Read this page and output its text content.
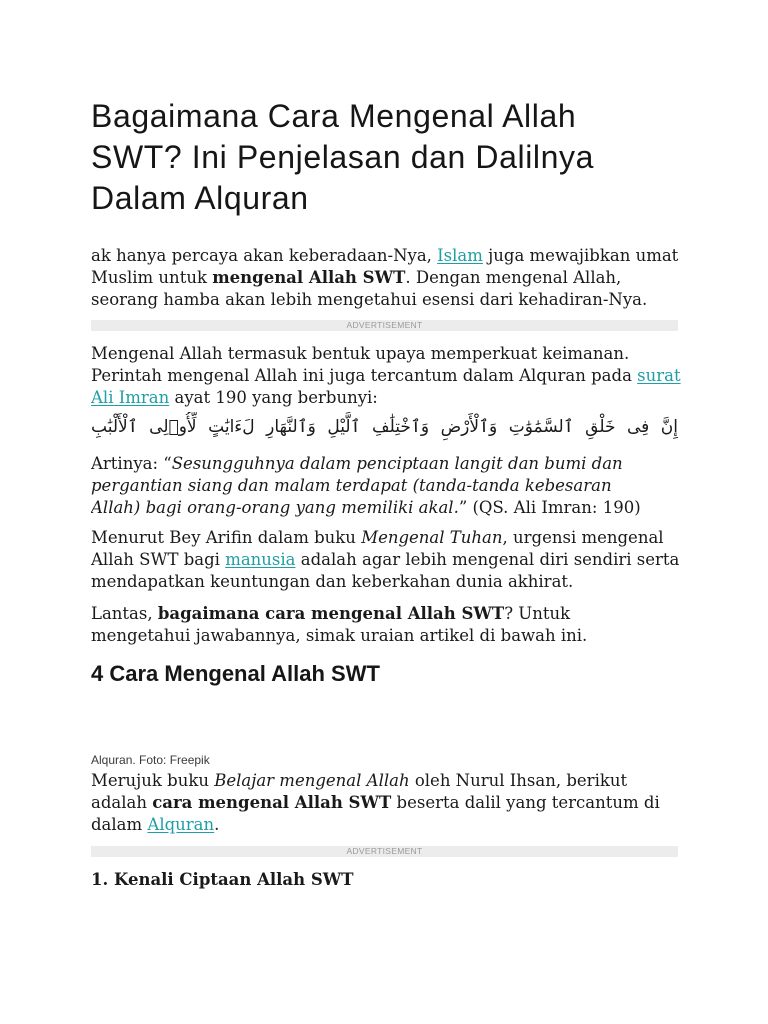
Bagaimana Cara Mengenal Allah
SWT? Ini Penjelasan dan Dalilnya
Dalam Alquran
ak hanya percaya akan keberadaan-Nya, Islam juga mewajibkan umat
Muslim untuk mengenal Allah SWT. Dengan mengenal Allah,
seorang hamba akan lebih mengetahui esensi dari kehadiran-Nya.
ADVERTISEMENT
Mengenal Allah termasuk bentuk upaya memperkuat keimanan.
Perintah mengenal Allah ini juga tercantum dalam Alquran pada surat
Ali Imran ayat 190 yang berbunyi:
إِنَّ فِى خَلْقِ ٱلسَّمَٰوَٰتِ وَٱلْأَرْضِ وَٱخْتِلَٰفِ ٱلَّيْلِ وَٱلنَّهَارِ لَءَايَٰتٍ لِّأُو۟لِى ٱلْأَلْبَٰبِ
Artinya: “Sesungguhnya dalam penciptaan langit dan bumi dan
pergantian siang dan malam terdapat (tanda-tanda kebesaran
Allah) bagi orang-orang yang memiliki akal.” (QS. Ali Imran: 190)
Menurut Bey Arifin dalam buku Mengenal Tuhan, urgensi mengenal
Allah SWT bagi manusia adalah agar lebih mengenal diri sendiri serta
mendapatkan keuntungan dan keberkahan dunia akhirat.
Lantas, bagaimana cara mengenal Allah SWT? Untuk
mengetahui jawabannya, simak uraian artikel di bawah ini.
4 Cara Mengenal Allah SWT
Alquran. Foto: Freepik
Merujuk buku Belajar mengenal Allah oleh Nurul Ihsan, berikut
adalah cara mengenal Allah SWT beserta dalil yang tercantum di
dalam Alquran.
ADVERTISEMENT
1. Kenali Ciptaan Allah SWT
